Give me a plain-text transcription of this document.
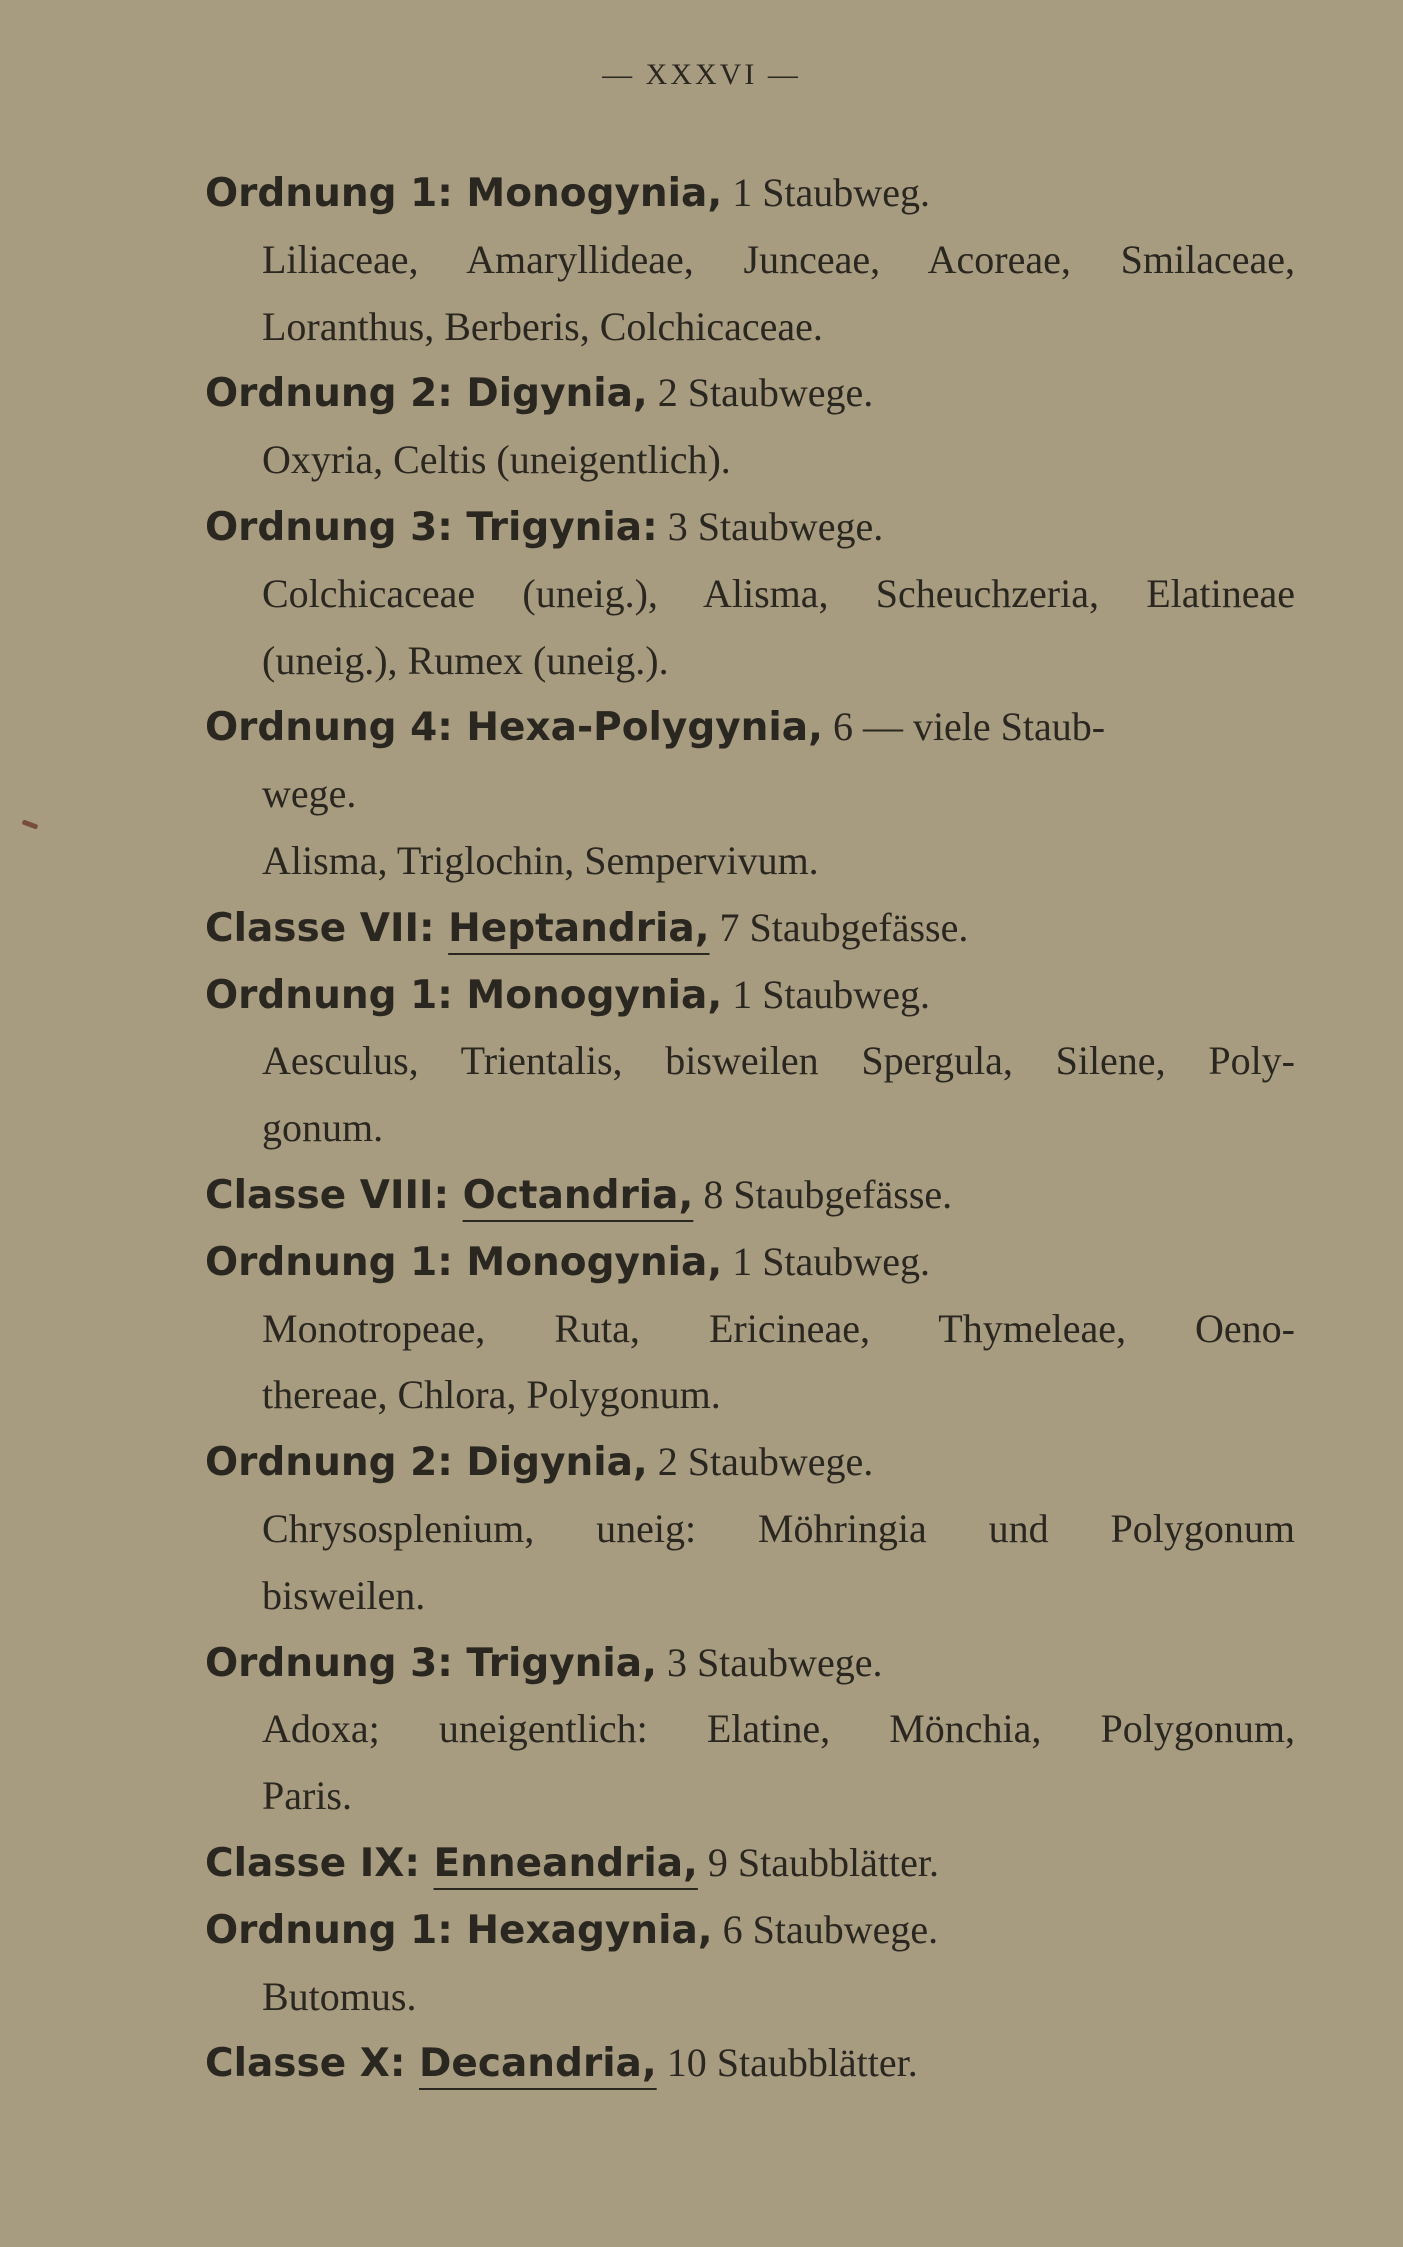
— XXXVI —
Ordnung 1: Monogynia, 1 Staubweg.
Liliaceae, Amaryllideae, Junceae, Acoreae, Smilaceae,
Loranthus, Berberis, Colchicaceae.
Ordnung 2: Digynia, 2 Staubwege.
Oxyria, Celtis (uneigentlich).
Ordnung 3: Trigynia: 3 Staubwege.
Colchicaceae (uneig.), Alisma, Scheuchzeria, Elatineae
(uneig.), Rumex (uneig.).
Ordnung 4: Hexa-Polygynia, 6 — viele Staub-
wege.
Alisma, Triglochin, Sempervivum.
Classe VII: Heptandria, 7 Staubgefässe.
Ordnung 1: Monogynia, 1 Staubweg.
Aesculus, Trientalis, bisweilen Spergula, Silene, Poly-
gonum.
Classe VIII: Octandria, 8 Staubgefässe.
Ordnung 1: Monogynia, 1 Staubweg.
Monotropeae, Ruta, Ericineae, Thymeleae, Oeno-
thereae, Chlora, Polygonum.
Ordnung 2: Digynia, 2 Staubwege.
Chrysosplenium, uneig: Möhringia und Polygonum
bisweilen.
Ordnung 3: Trigynia, 3 Staubwege.
Adoxa; uneigentlich: Elatine, Mönchia, Polygonum,
Paris.
Classe IX: Enneandria, 9 Staubblätter.
Ordnung 1: Hexagynia, 6 Staubwege.
Butomus.
Classe X: Decandria, 10 Staubblätter.
